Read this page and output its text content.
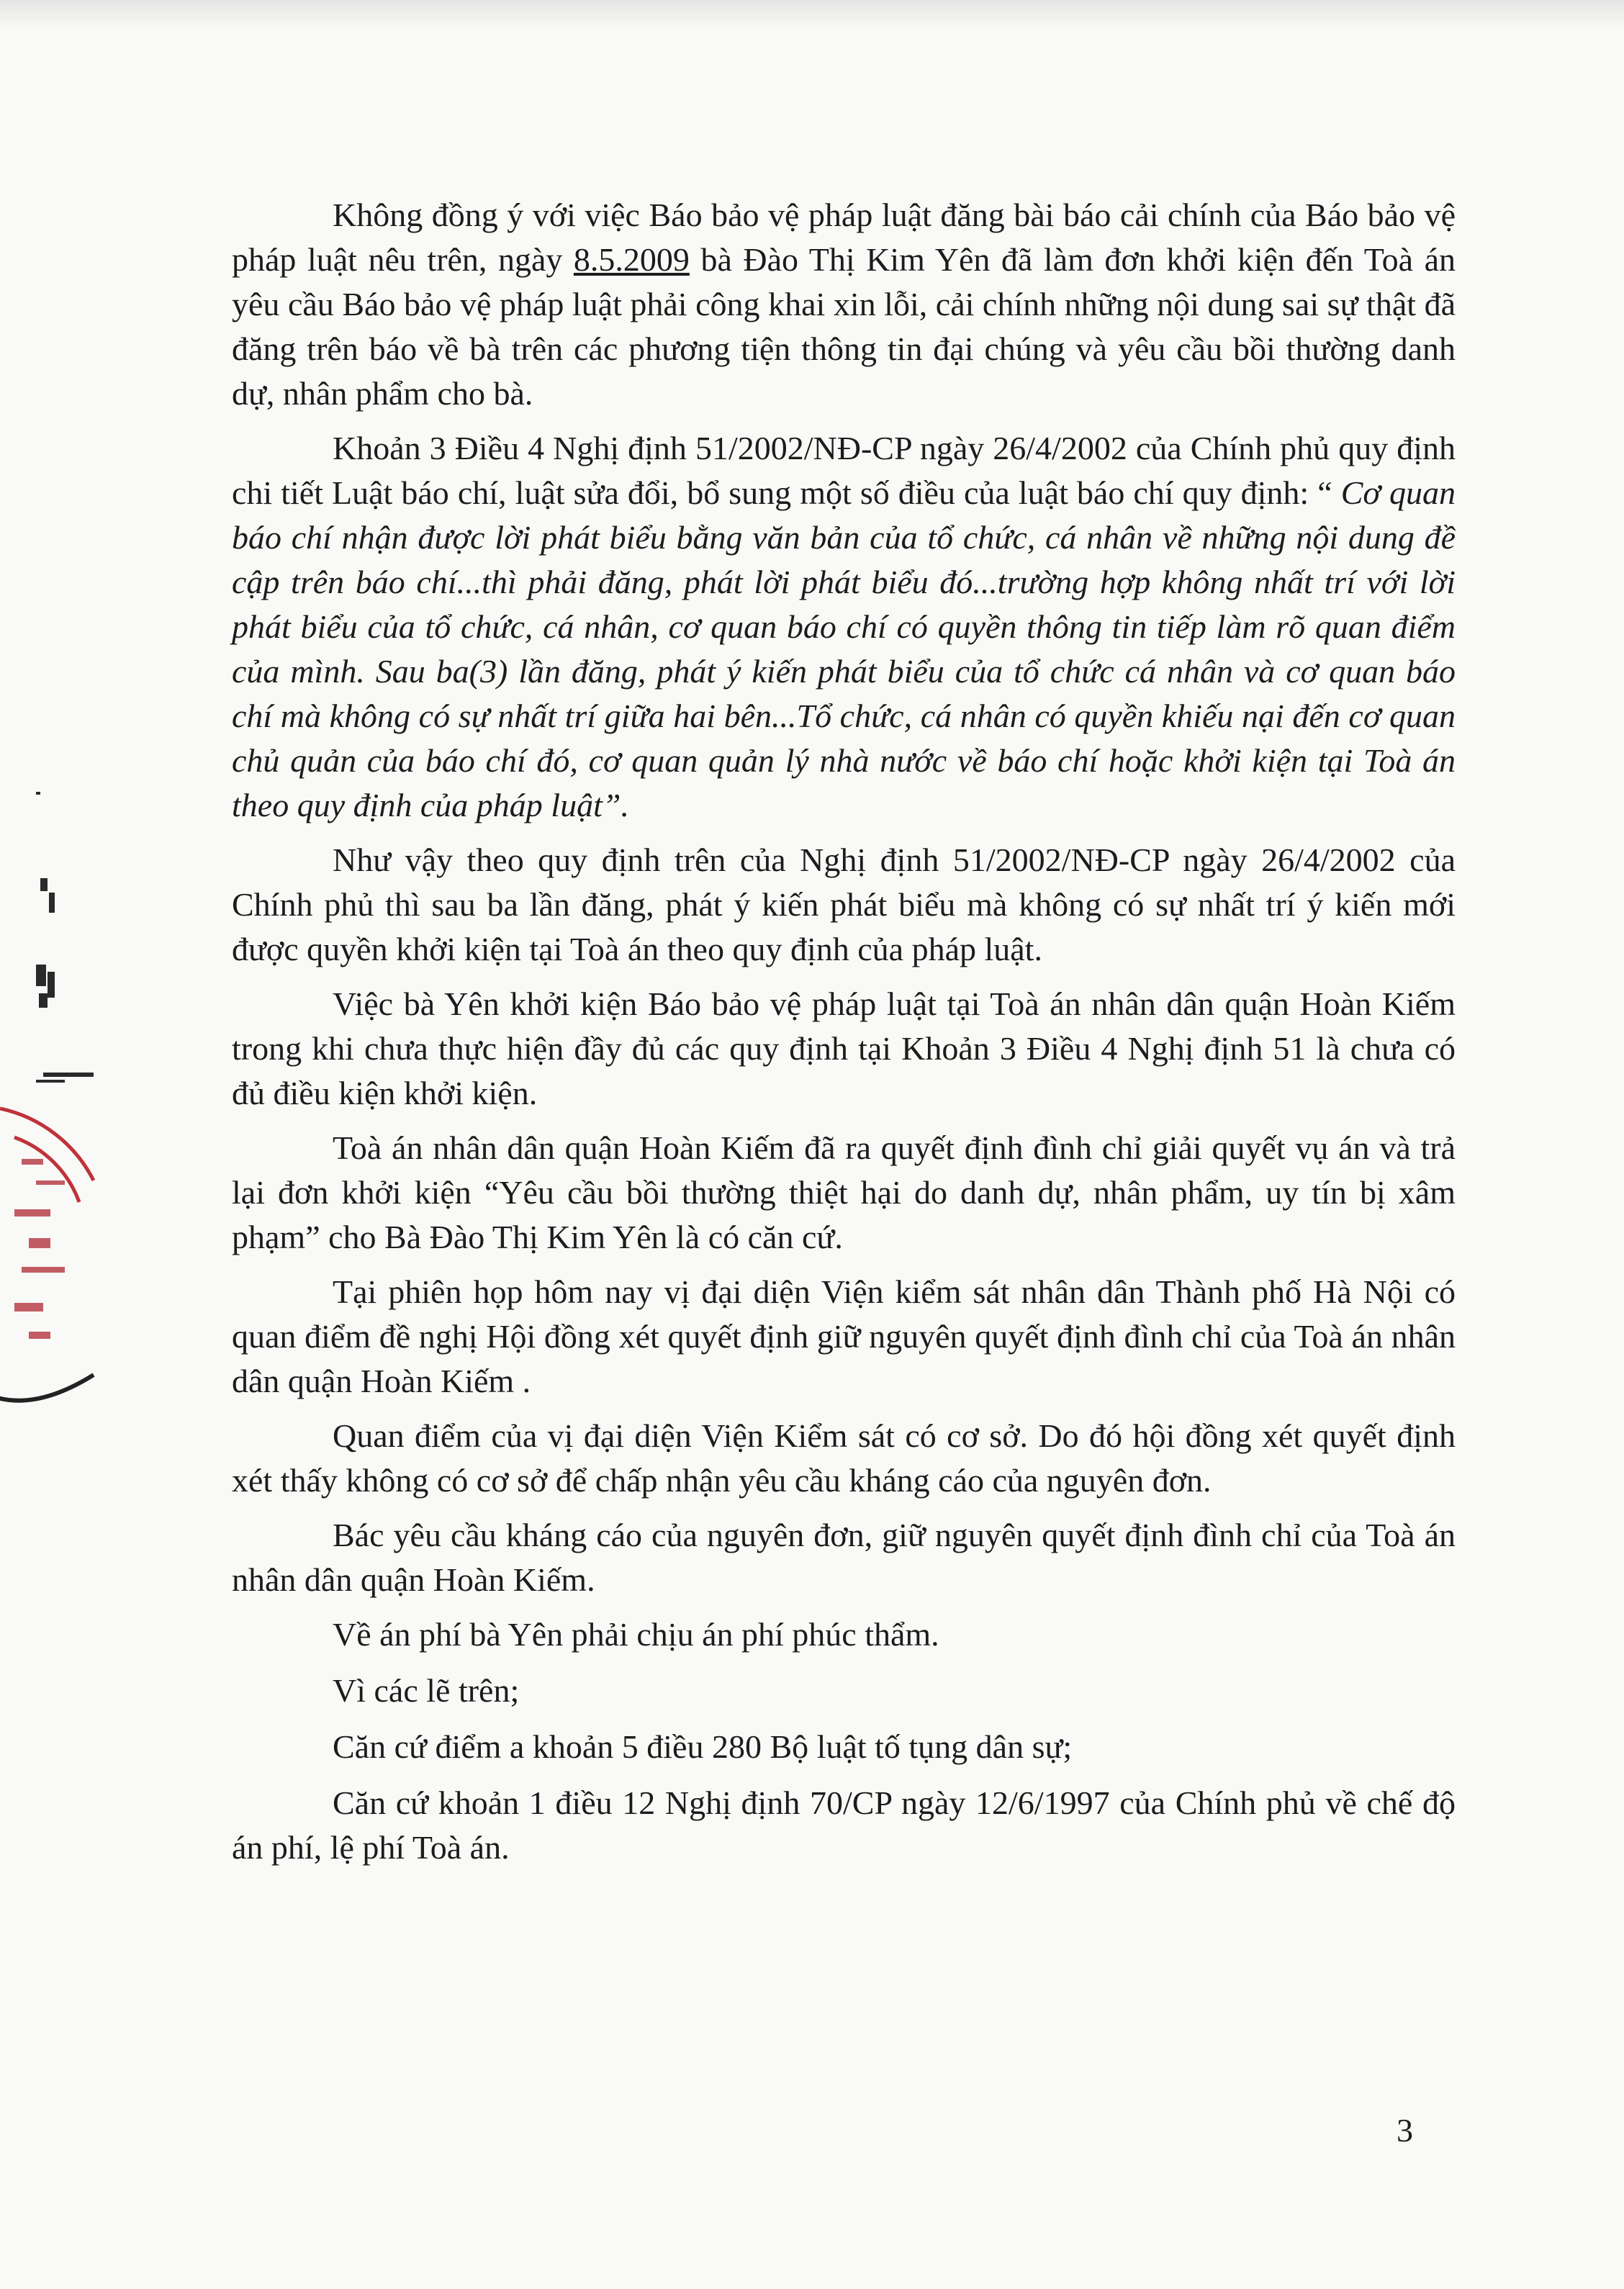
Không đồng ý với việc Báo bảo vệ pháp luật đăng bài báo cải chính của Báo bảo vệ pháp luật nêu trên, ngày 8.5.2009 bà Đào Thị Kim Yên đã làm đơn khởi kiện đến Toà án yêu cầu Báo bảo vệ pháp luật phải công khai xin lỗi, cải chính những nội dung sai sự thật đã đăng trên báo về bà trên các phương tiện thông tin đại chúng và yêu cầu bồi thường danh dự, nhân phẩm cho bà.

Khoản 3 Điều 4 Nghị định 51/2002/NĐ-CP ngày 26/4/2002 của Chính phủ quy định chi tiết Luật báo chí, luật sửa đổi, bổ sung một số điều của luật báo chí quy định: “ Cơ quan báo chí nhận được lời phát biểu bằng văn bản của tổ chức, cá nhân về những nội dung đề cập trên báo chí...thì phải đăng, phát lời phát biểu đó...trường hợp không nhất trí với lời phát biểu của tổ chức, cá nhân, cơ quan báo chí có quyền thông tin tiếp làm rõ quan điểm của mình. Sau ba(3) lần đăng, phát ý kiến phát biểu của tổ chức cá nhân và cơ quan báo chí mà không có sự nhất trí giữa hai bên...Tổ chức, cá nhân có quyền khiếu nại đến cơ quan chủ quản của báo chí đó, cơ quan quản lý nhà nước về báo chí hoặc khởi kiện tại Toà án theo quy định của pháp luật”.

Như vậy theo quy định trên của Nghị định 51/2002/NĐ-CP ngày 26/4/2002 của Chính phủ thì sau ba lần đăng, phát ý kiến phát biểu mà không có sự nhất trí ý kiến mới được quyền khởi kiện tại Toà án theo quy định của pháp luật.

Việc bà Yên khởi kiện Báo bảo vệ pháp luật tại Toà án nhân dân quận Hoàn Kiếm trong khi chưa thực hiện đầy đủ các quy định tại Khoản 3 Điều 4 Nghị định 51 là chưa có đủ điều kiện khởi kiện.

Toà án nhân dân quận Hoàn Kiếm đã ra quyết định đình chỉ giải quyết vụ án và trả lại đơn khởi kiện “Yêu cầu bồi thường thiệt hại do danh dự, nhân phẩm, uy tín bị xâm phạm” cho Bà Đào Thị Kim Yên là có căn cứ.

Tại phiên họp hôm nay vị đại diện Viện kiểm sát nhân dân Thành phố Hà Nội có quan điểm đề nghị Hội đồng xét quyết định giữ nguyên quyết định đình chỉ của Toà án nhân dân quận Hoàn Kiếm .

Quan điểm của vị đại diện Viện Kiểm sát có cơ sở. Do đó hội đồng xét quyết định xét thấy không có cơ sở để chấp nhận yêu cầu kháng cáo của nguyên đơn.

Bác yêu cầu kháng cáo của nguyên đơn, giữ nguyên quyết định đình chỉ của Toà án nhân dân quận Hoàn Kiếm.

Về án phí bà Yên phải chịu án phí phúc thẩm.

Vì các lẽ trên;

Căn cứ điểm a khoản 5 điều 280 Bộ luật tố tụng dân sự;

Căn cứ khoản 1 điều 12 Nghị định 70/CP ngày 12/6/1997 của Chính phủ về chế độ án phí, lệ phí Toà án.

3
